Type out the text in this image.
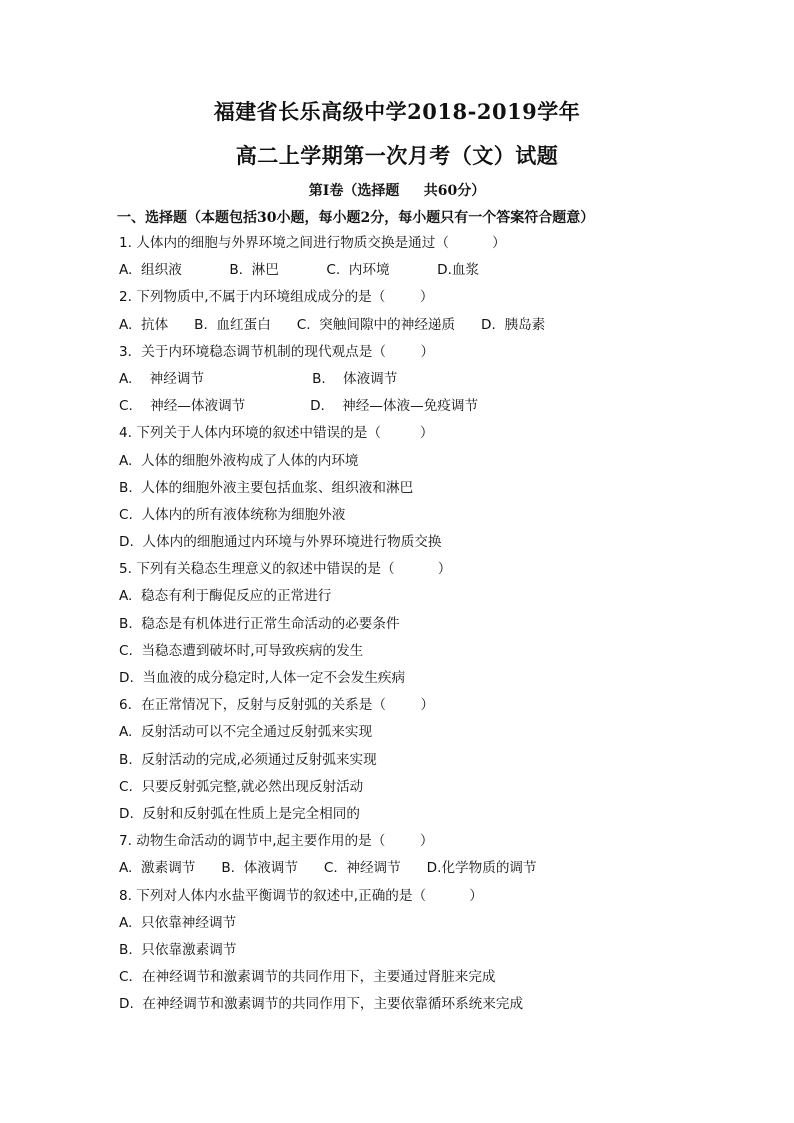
福建省长乐高级中学2018-2019学年
高二上学期第一次月考（文）试题
第Ⅰ卷（选择题     共60分）
一、选择题（本题包括30小题，每小题2分，每小题只有一个答案符合题意）
1. 人体内的细胞与外界环境之间进行物质交换是通过（          ）
A.  组织液           B.  淋巴           C.  内环境           D.血浆
2. 下列物质中,不属于内环境组成成分的是（        ）
A.  抗体      B.  血红蛋白      C.  突触间隙中的神经递质      D.  胰岛素
3．关于内环境稳态调节机制的现代观点是（        ）
A.    神经调节                         B.    体液调节
C.    神经—体液调节               D.    神经—体液—免疫调节
4. 下列关于人体内环境的叙述中错误的是（         ）
A.  人体的细胞外液构成了人体的内环境
B.  人体的细胞外液主要包括血浆、组织液和淋巴
C.  人体内的所有液体统称为细胞外液
D.  人体内的细胞通过内环境与外界环境进行物质交换
5. 下列有关稳态生理意义的叙述中错误的是（          ）
A.  稳态有利于酶促反应的正常进行
B.  稳态是有机体进行正常生命活动的必要条件
C.  当稳态遭到破坏时,可导致疾病的发生
D.  当血液的成分稳定时,人体一定不会发生疾病
6．在正常情况下，反射与反射弧的关系是（        ）
A.  反射活动可以不完全通过反射弧来实现
B.  反射活动的完成,必须通过反射弧来实现
C.  只要反射弧完整,就必然出现反射活动
D.  反射和反射弧在性质上是完全相同的
7. 动物生命活动的调节中,起主要作用的是（        ）
A.  激素调节      B.  体液调节      C.  神经调节      D.化学物质的调节
8. 下列对人体内水盐平衡调节的叙述中,正确的是（          ）
A.  只依靠神经调节
B.  只依靠激素调节
C．在神经调节和激素调节的共同作用下，主要通过肾脏来完成
D.  在神经调节和激素调节的共同作用下，主要依靠循环系统来完成
